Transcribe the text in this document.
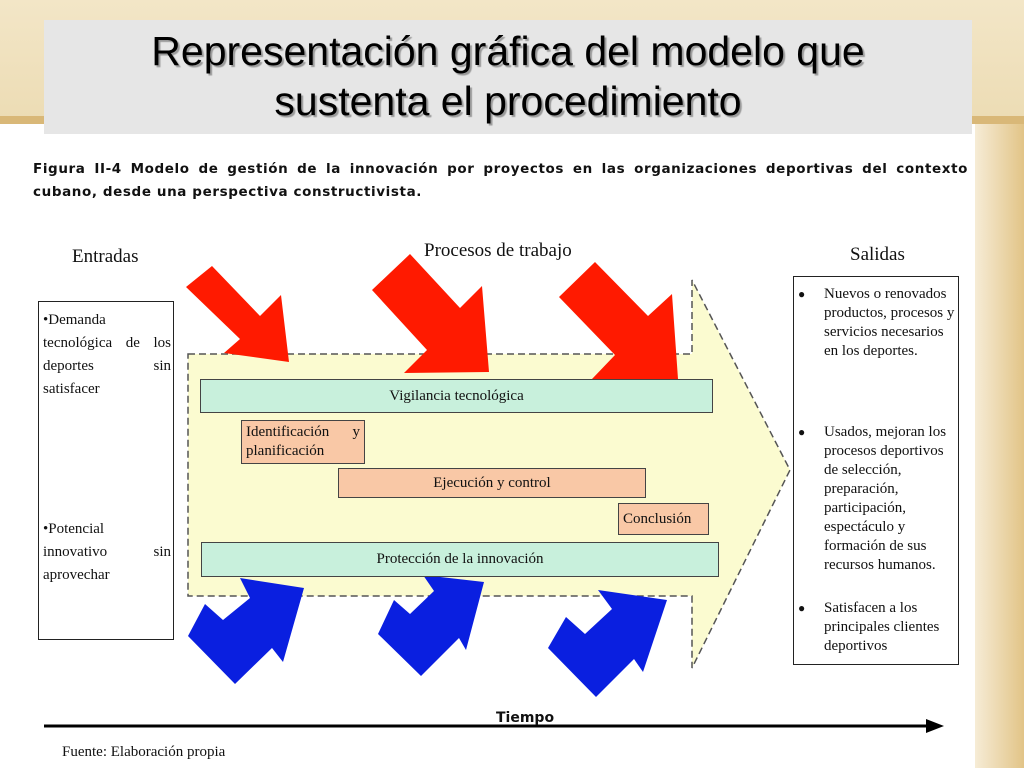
Representación gráfica del modelo que
sustenta el procedimiento
Figura II-4 Modelo de gestión de la innovación por proyectos en las organizaciones deportivas del contexto cubano, desde una perspectiva constructivista.
Entradas	Procesos de trabajo	Salidas
•Demanda tecnológica de los deportes sin satisfacer
•Potencial innovativo sin aprovechar
Vigilancia tecnológica
Identificación y planificación
Ejecución y control
Conclusión
Protección de la innovación
● Nuevos o renovados productos, procesos y servicios necesarios en los deportes.
● Usados, mejoran los procesos deportivos de selección, preparación, participación, espectáculo y formación de sus recursos humanos.
● Satisfacen a los principales clientes deportivos
Tiempo
Fuente: Elaboración propia
